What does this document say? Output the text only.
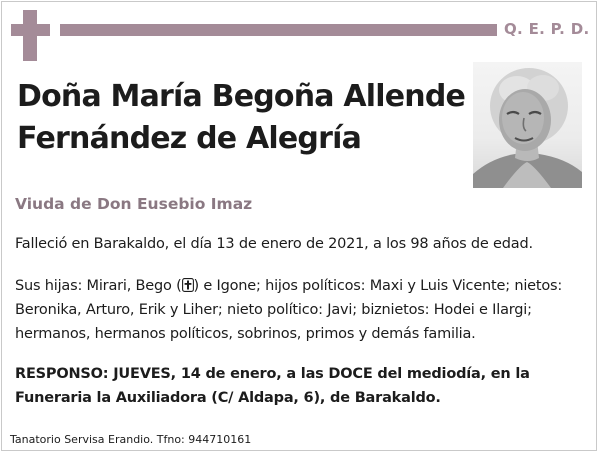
Q. E. P. D.
Doña María Begoña Allende
Fernández de Alegría
Viuda de Don Eusebio Imaz
Falleció en Barakaldo, el día 13 de enero de 2021, a los 98 años de edad.
Sus hijas: Mirari, Bego ( ) e Igone; hijos políticos: Maxi y Luis Vicente; nietos: Beronika, Arturo, Erik y Liher; nieto político: Javi; biznietos: Hodei e Ilargi; hermanos, hermanos políticos, sobrinos, primos y demás familia.
RESPONSO: JUEVES, 14 de enero, a las DOCE del mediodía, en la Funeraria la Auxiliadora (C/ Aldapa, 6), de Barakaldo.
Tanatorio Servisa Erandio. Tfno: 944710161
